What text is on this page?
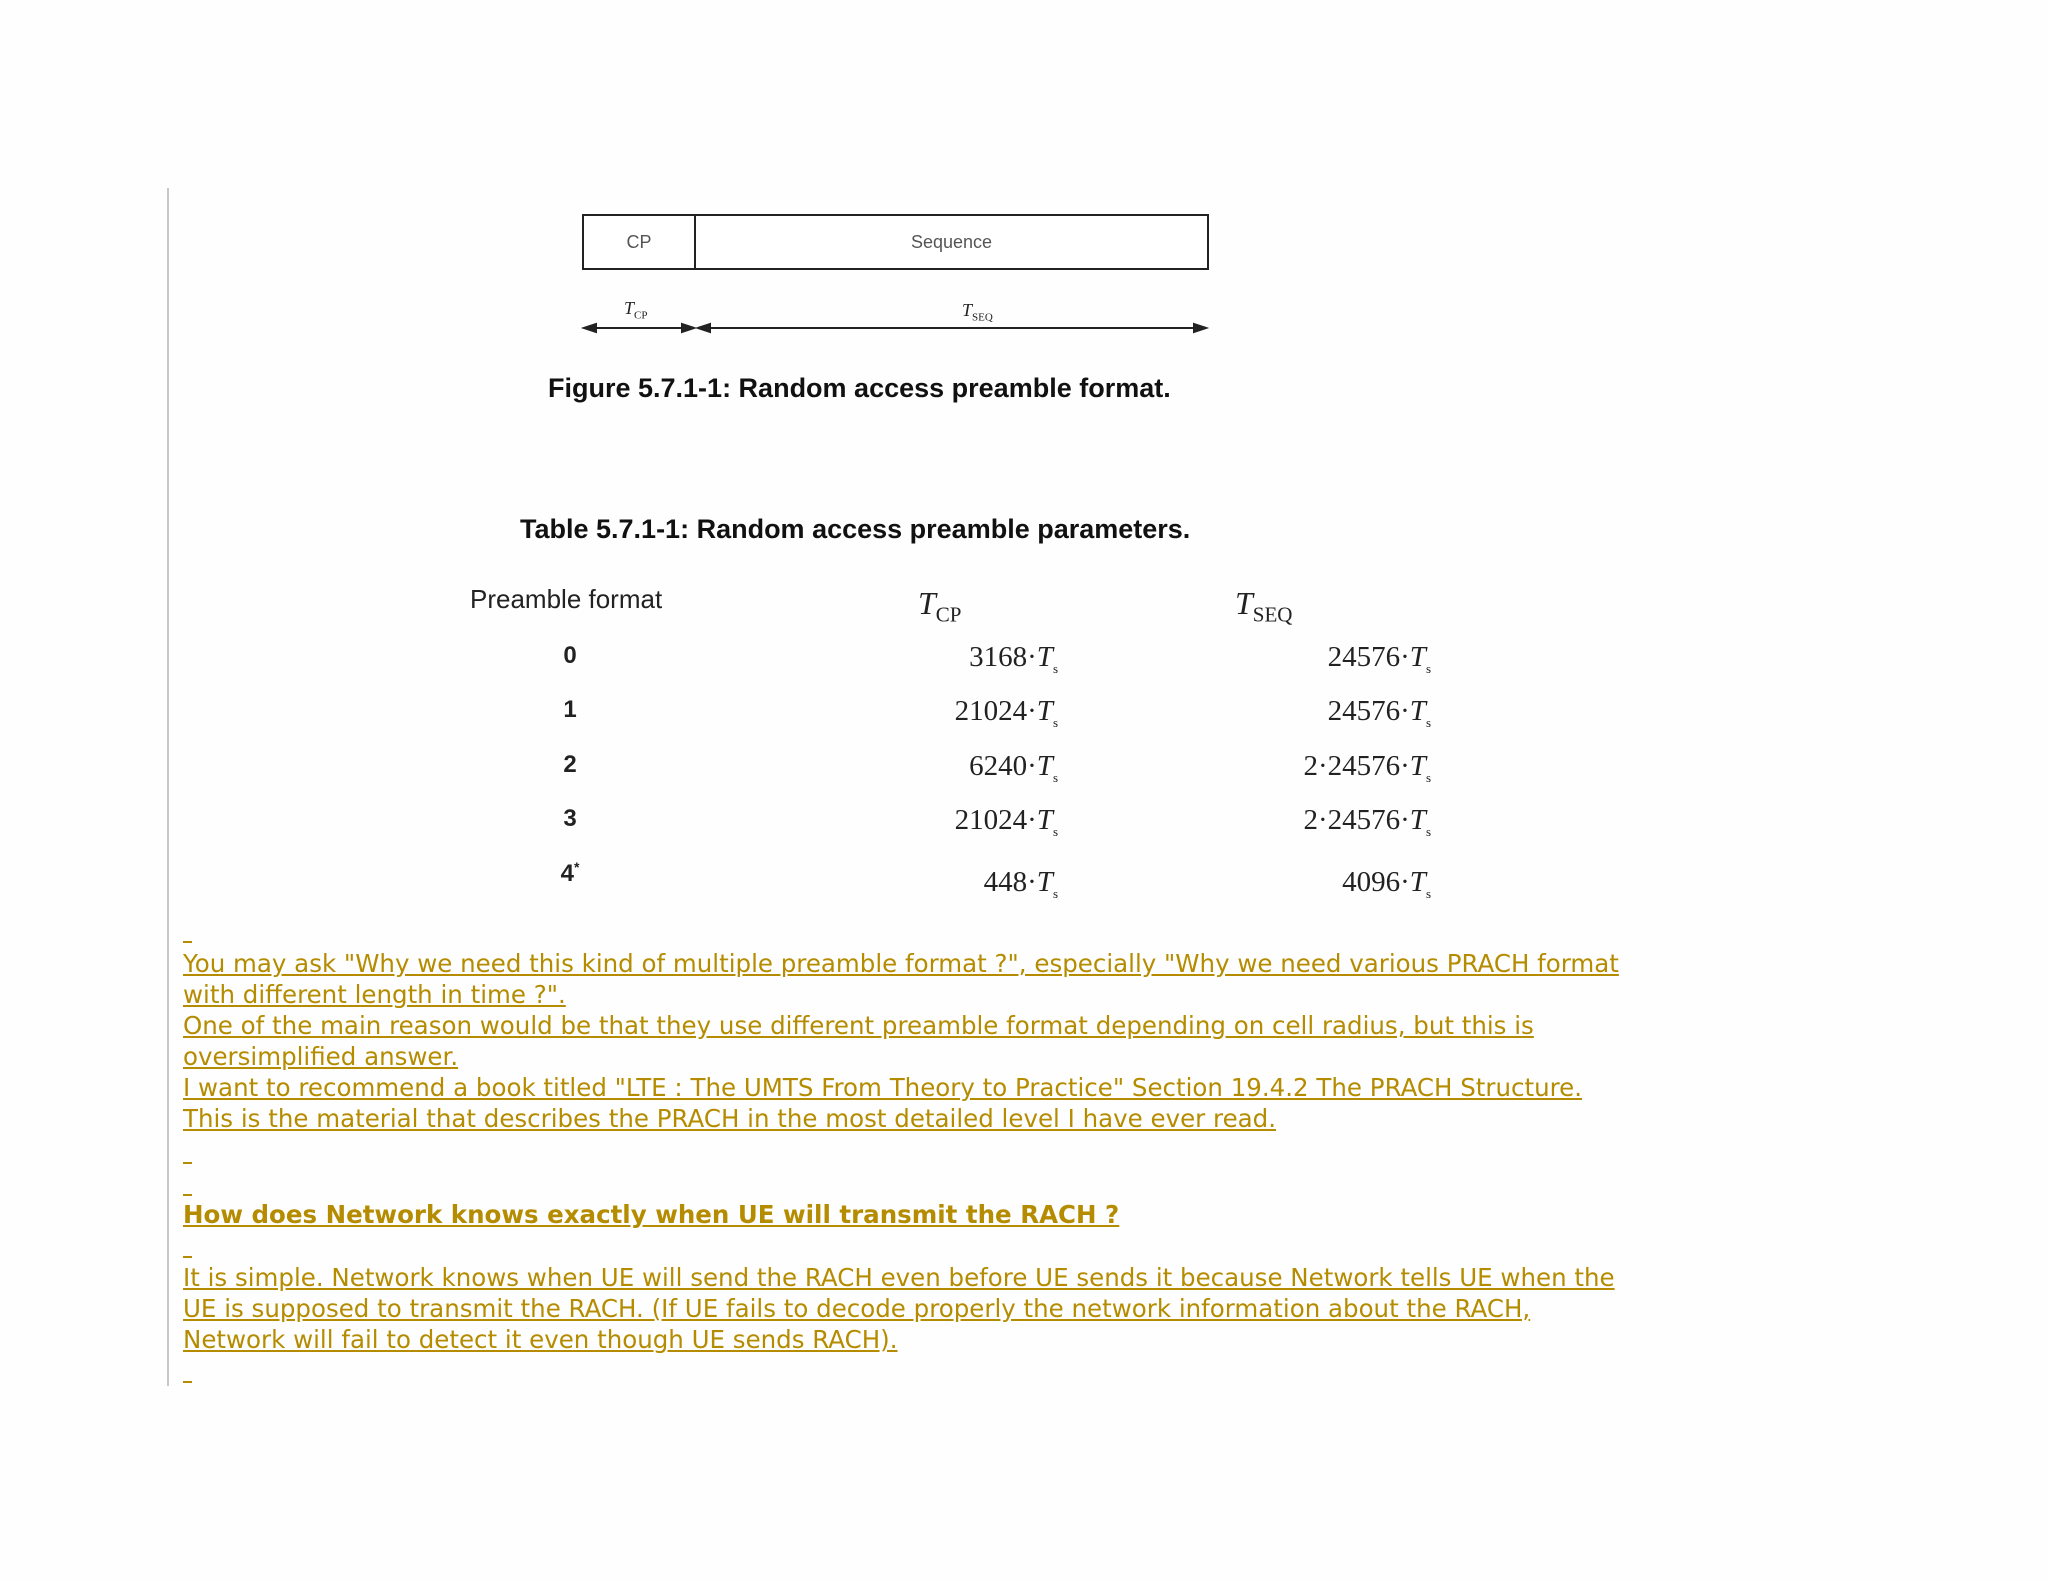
CP	Sequence
$T_{CP}$	$T_{SEQ}$
Figure 5.7.1-1: Random access preamble format.
Table 5.7.1-1: Random access preamble parameters.
Preamble format	$T_{CP}$	$T_{SEQ}$
0	$3168\cdot T_s$	$24576\cdot T_s$
1	$21024\cdot T_s$	$24576\cdot T_s$
2	$6240\cdot T_s$	$2\cdot 24576\cdot T_s$
3	$21024\cdot T_s$	$2\cdot 24576\cdot T_s$
4*	$448\cdot T_s$	$4096\cdot T_s$
You may ask "Why we need this kind of multiple preamble format ?", especially "Why we need various PRACH format
with different length in time ?".
One of the main reason would be that they use different preamble format depending on cell radius, but this is
oversimplified answer.
I want to recommend a book titled "LTE : The UMTS From Theory to Practice" Section 19.4.2 The PRACH Structure.
This is the material that describes the PRACH in the most detailed level I have ever read.
How does Network knows exactly when UE will transmit the RACH ?
It is simple. Network knows when UE will send the RACH even before UE sends it because Network tells UE when the
UE is supposed to transmit the RACH. (If UE fails to decode properly the network information about the RACH,
Network will fail to detect it even though UE sends RACH).
